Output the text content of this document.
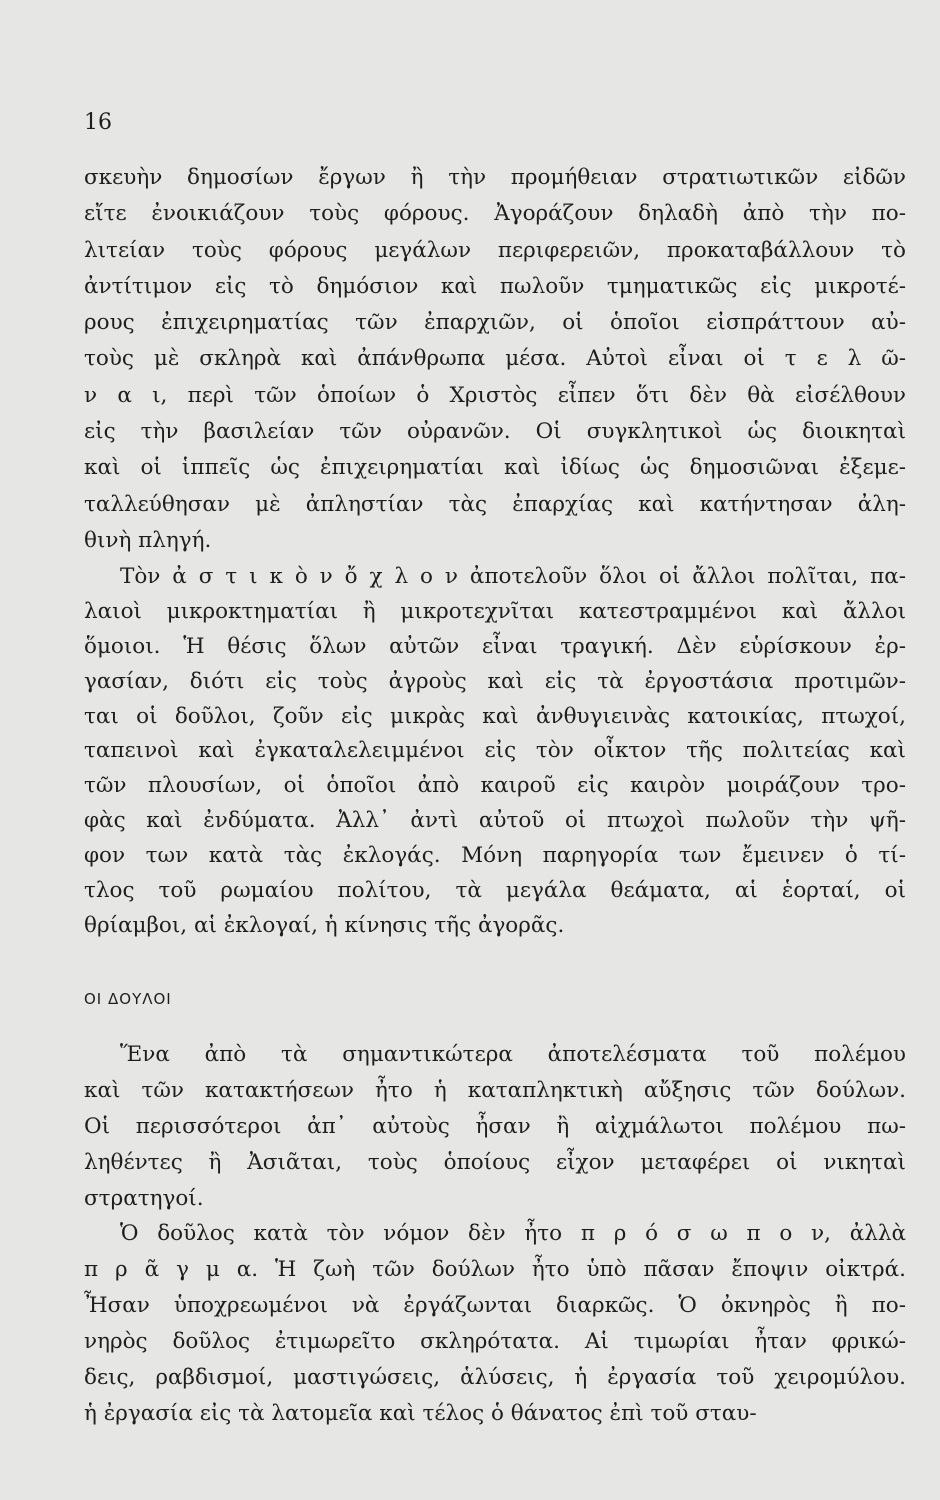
16
σκευὴν δημοσίων ἔργων ἢ τὴν προμήθειαν στρατιωτικῶν εἰδῶν
εἴτε ἐνοικιάζουν τοὺς φόρους. Ἀγοράζουν δηλαδὴ ἀπὸ τὴν πο-
λιτείαν τοὺς φόρους μεγάλων περιφερειῶν, προκαταβάλλουν τὸ
ἀντίτιμον εἰς τὸ δημόσιον καὶ πωλοῦν τμηματικῶς εἰς μικροτέ-
ρους ἐπιχειρηματίας τῶν ἐπαρχιῶν, οἱ ὁποῖοι εἰσπράττουν αὐ-
τοὺς μὲ σκληρὰ καὶ ἀπάνθρωπα μέσα. Αὐτοὶ εἶναι οἱ τ ε λ ῶ-
ν α ι, περὶ τῶν ὁποίων ὁ Χριστὸς εἶπεν ὅτι δὲν θὰ εἰσέλθουν
εἰς τὴν βασιλείαν τῶν οὐρανῶν. Οἱ συγκλητικοὶ ὡς διοικηταὶ
καὶ οἱ ἱππεῖς ὡς ἐπιχειρηματίαι καὶ ἰδίως ὡς δημοσιῶναι ἐξεμε-
ταλλεύθησαν μὲ ἀπληστίαν τὰς ἐπαρχίας καὶ κατήντησαν ἀλη-
θινὴ πληγή.
Τὸν ἀ σ τ ι κ ὸ ν ὄ χ λ ο ν ἀποτελοῦν ὅλοι οἱ ἄλλοι πολῖται, πα-
λαιοὶ μικροκτηματίαι ἢ μικροτεχνῖται κατεστραμμένοι καὶ ἄλλοι
ὅμοιοι. Ἡ θέσις ὅλων αὐτῶν εἶναι τραγική. Δὲν εὑρίσκουν ἐρ-
γασίαν, διότι εἰς τοὺς ἀγροὺς καὶ εἰς τὰ ἐργοστάσια προτιμῶν-
ται οἱ δοῦλοι, ζοῦν εἰς μικρὰς καὶ ἀνθυγιεινὰς κατοικίας, πτωχοί,
ταπεινοὶ καὶ ἐγκαταλελειμμένοι εἰς τὸν οἶκτον τῆς πολιτείας καὶ
τῶν πλουσίων, οἱ ὁποῖοι ἀπὸ καιροῦ εἰς καιρὸν μοιράζουν τρο-
φὰς καὶ ἐνδύματα. Ἀλλ᾿ ἀντὶ αὐτοῦ οἱ πτωχοὶ πωλοῦν τὴν ψῆ-
φον των κατὰ τὰς ἐκλογάς. Μόνη παρηγορία των ἔμεινεν ὁ τί-
τλος τοῦ ρωμαίου πολίτου, τὰ μεγάλα θεάματα, αἱ ἑορταί, οἱ
θρίαμβοι, αἱ ἐκλογαί, ἡ κίνησις τῆς ἀγορᾶς.
ΟΙ ΔΟΥΛΟΙ
Ἕνα ἀπὸ τὰ σημαντικώτερα ἀποτελέσματα τοῦ πολέμου
καὶ τῶν κατακτήσεων ἦτο ἡ καταπληκτικὴ αὔξησις τῶν δούλων.
Οἱ περισσότεροι ἀπ᾿ αὐτοὺς ἦσαν ἢ αἰχμάλωτοι πολέμου πω-
ληθέντες ἢ Ἀσιᾶται, τοὺς ὁποίους εἶχον μεταφέρει οἱ νικηταὶ
στρατηγοί.
Ὁ δοῦλος κατὰ τὸν νόμον δὲν ἦτο π ρ ό σ ω π ο ν, ἀλλὰ
π ρ ᾶ γ μ α. Ἡ ζωὴ τῶν δούλων ἦτο ὑπὸ πᾶσαν ἔποψιν οἰκτρά.
Ἦσαν ὑποχρεωμένοι νὰ ἐργάζωνται διαρκῶς. Ὁ ὀκνηρὸς ἢ πο-
νηρὸς δοῦλος ἐτιμωρεῖτο σκληρότατα. Αἱ τιμωρίαι ἦταν φρικώ-
δεις, ραβδισμοί, μαστιγώσεις, ἁλύσεις, ἡ ἐργασία τοῦ χειρομύλου.
ἡ ἐργασία εἰς τὰ λατομεῖα καὶ τέλος ὁ θάνατος ἐπὶ τοῦ σταυ-
